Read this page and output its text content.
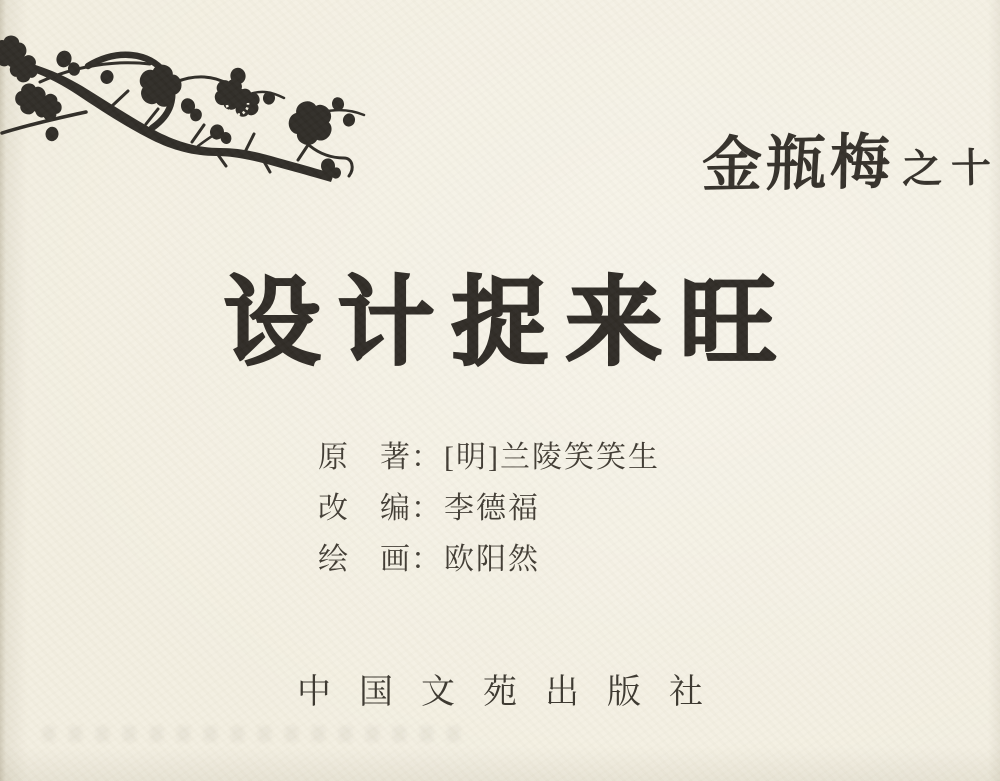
金瓶梅 之十
设计捉来旺
原　著：[明]兰陵笑笑生
改　编：李德福
绘　画：欧阳然
中国文苑出版社
